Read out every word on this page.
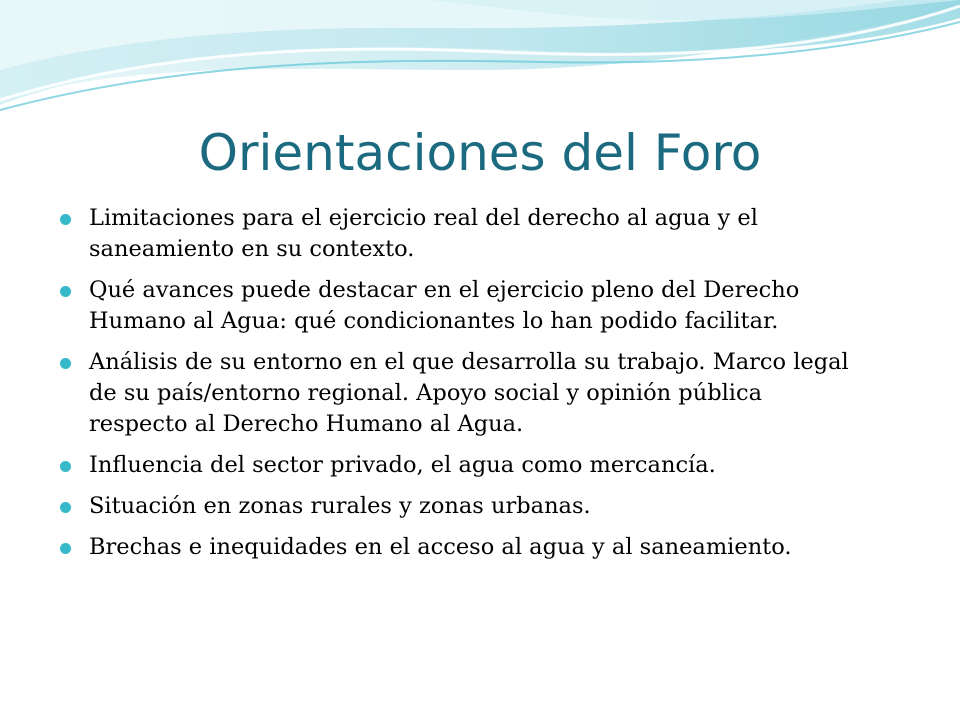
Orientaciones del Foro
Limitaciones para el ejercicio real del derecho al agua y el saneamiento en su contexto.
Qué avances puede destacar en el ejercicio pleno del Derecho Humano al Agua: qué condicionantes lo han podido facilitar.
Análisis de su entorno en el que desarrolla su trabajo. Marco legal de su país/entorno regional. Apoyo social y opinión pública respecto al Derecho Humano al Agua.
Influencia del sector privado, el agua como mercancía.
Situación en zonas rurales y zonas urbanas.
Brechas e inequidades en el acceso al agua y al saneamiento.
